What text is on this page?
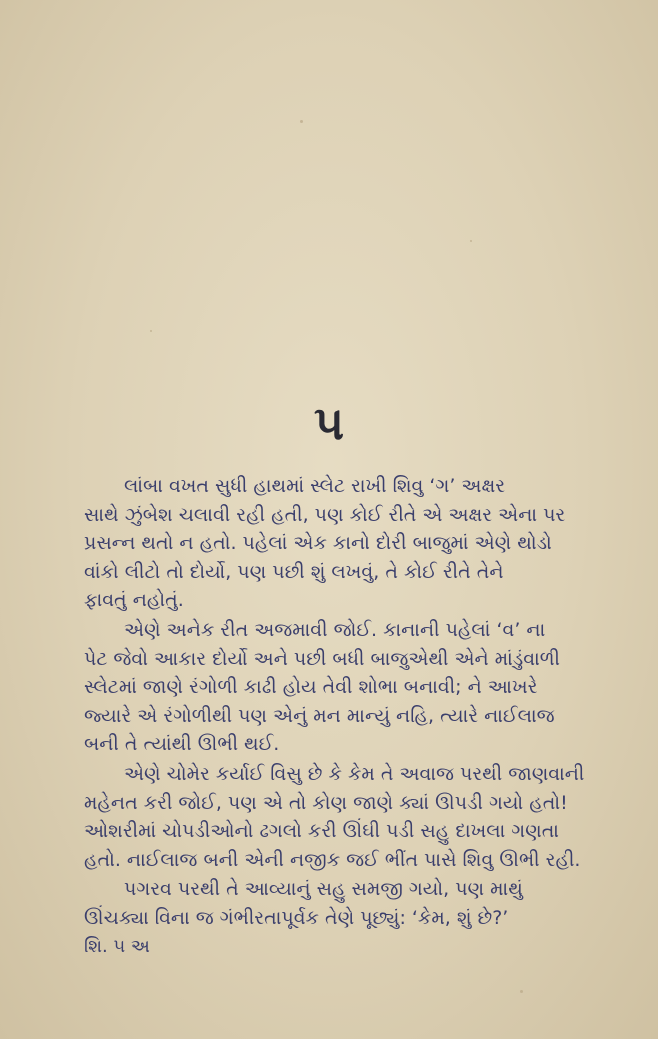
૫

લાંબા વખત સુધી હાથમાં સ્લેટ રાખી શિવુ ‘ગ’ અક્ષર
સાથે ઝુંબેશ ચલાવી રહી હતી, પણ કોઈ રીતે એ અક્ષર એના પર
પ્રસન્ન થતો ન હતો. પહેલાં એક કાનો દોરી બાજુમાં એણે થોડો
વાંકો લીટો તો દોર્યો, પણ પછી શું લખવું, તે કોઈ રીતે તેને
ફાવતું નહોતું.

એણે અનેક રીત અજમાવી જોઈ. કાનાની પહેલાં ‘વ’ ના
પેટ જેવો આકાર દોર્યો અને પછી બધી બાજુએથી એને માંડુંવાળી
સ્લેટમાં જાણે રંગોળી કાઢી હોય તેવી શોભા બનાવી; ને આખરે
જ્યારે એ રંગોળીથી પણ એનું મન માન્યું નહિ, ત્યારે નાઈલાજ
બની તે ત્યાંથી ઊભી થઈ.

એણે ચોમેર કર્યાઈ વિસુ છે કે કેમ તે અવાજ પરથી જાણવાની
મહેનત કરી જોઈ, પણ એ તો કોણ જાણે ક્યાં ઊપડી ગયો હતો!
ઓશરીમાં ચોપડીઓનો ઢગલો કરી ઊંઘી પડી સહુ દાખલા ગણતા
હતો. નાઈલાજ બની એની નજીક જઈ ભીંત પાસે શિવુ ઊભી રહી.

પગરવ પરથી તે આવ્યાનું સહુ સમજી ગયો, પણ માથું
ઊંચક્યા વિના જ ગંભીરતાપૂર્વક તેણે પૂછ્યું: ‘કેમ, શું છે?’

શિ. ૫ અ
